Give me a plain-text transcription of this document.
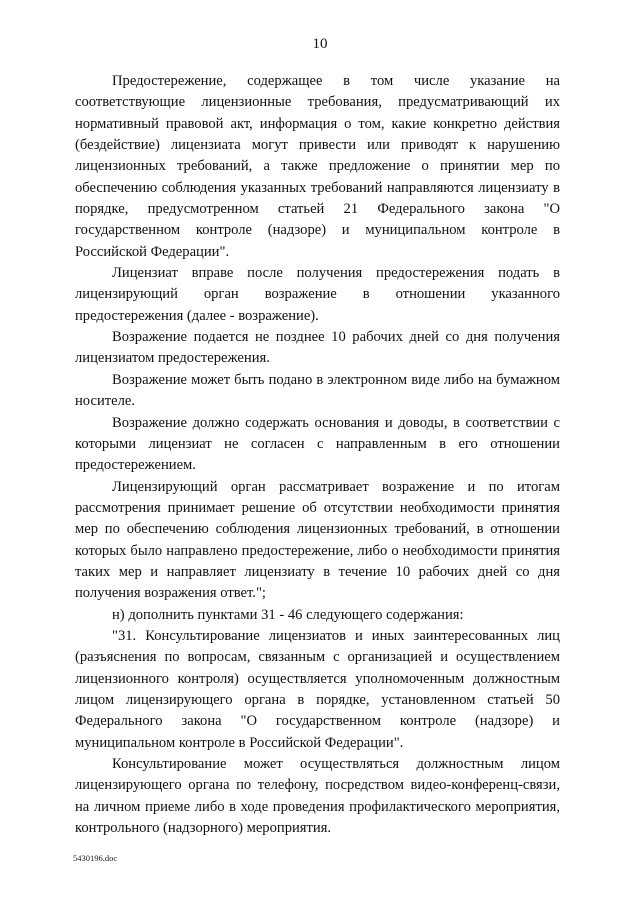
10

Предостережение, содержащее в том числе указание на соответствующие лицензионные требования, предусматривающий их нормативный правовой акт, информация о том, какие конкретно действия (бездействие) лицензиата могут привести или приводят к нарушению лицензионных требований, а также предложение о принятии мер по обеспечению соблюдения указанных требований направляются лицензиату в порядке, предусмотренном статьей 21 Федерального закона "О государственном контроле (надзоре) и муниципальном контроле в Российской Федерации".

Лицензиат вправе после получения предостережения подать в лицензирующий орган возражение в отношении указанного предостережения (далее - возражение).

Возражение подается не позднее 10 рабочих дней со дня получения лицензиатом предостережения.

Возражение может быть подано в электронном виде либо на бумажном носителе.

Возражение должно содержать основания и доводы, в соответствии с которыми лицензиат не согласен с направленным в его отношении предостережением.

Лицензирующий орган рассматривает возражение и по итогам рассмотрения принимает решение об отсутствии необходимости принятия мер по обеспечению соблюдения лицензионных требований, в отношении которых было направлено предостережение, либо о необходимости принятия таких мер и направляет лицензиату в течение 10 рабочих дней со дня получения возражения ответ.";

н) дополнить пунктами 31 - 46 следующего содержания:

"31. Консультирование лицензиатов и иных заинтересованных лиц (разъяснения по вопросам, связанным с организацией и осуществлением лицензионного контроля) осуществляется уполномоченным должностным лицом лицензирующего органа в порядке, установленном статьей 50 Федерального закона "О государственном контроле (надзоре) и муниципальном контроле в Российской Федерации".

Консультирование может осуществляться должностным лицом лицензирующего органа по телефону, посредством видео-конференц-связи, на личном приеме либо в ходе проведения профилактического мероприятия, контрольного (надзорного) мероприятия.

5430196.doc
